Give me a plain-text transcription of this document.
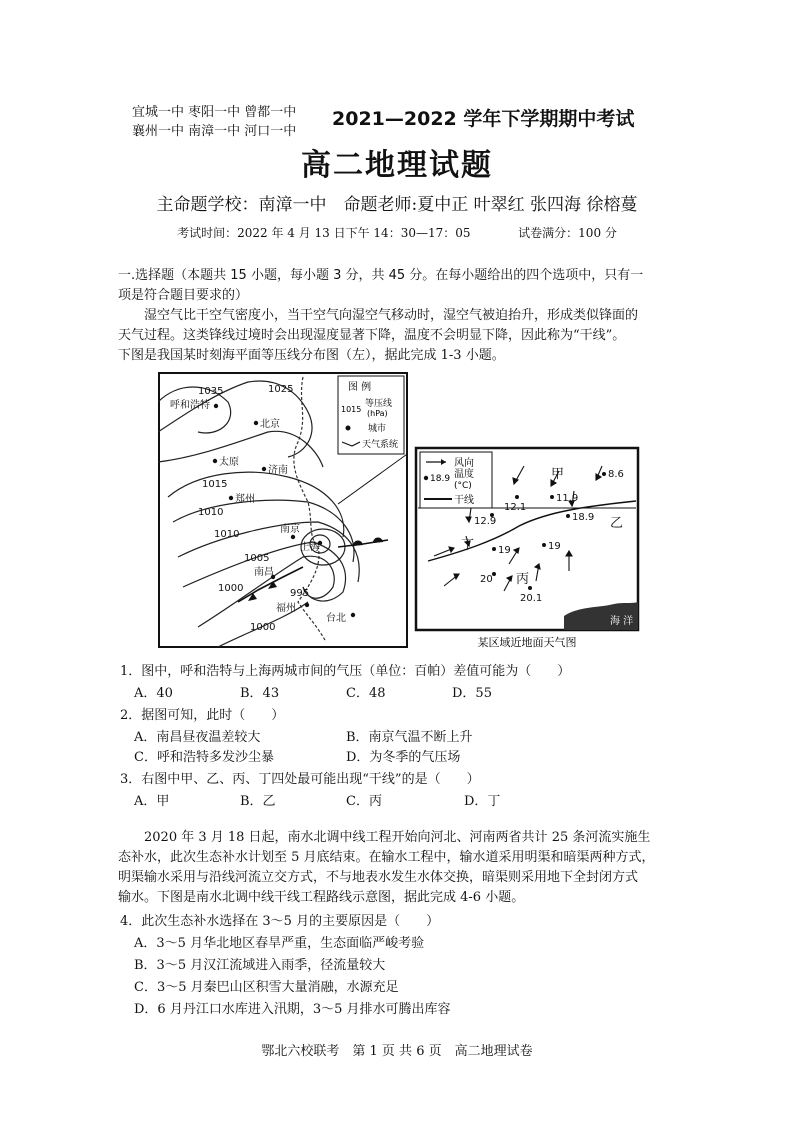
宜城一中 枣阳一中 曾都一中
襄州一中 南漳一中 河口一中
2021—2022 学年下学期期中考试
高二地理试题
主命题学校：南漳一中　命题老师:夏中正 叶翠红 张四海 徐榕蔓
考试时间：2022 年 4 月 13 日下午 14：30—17：05	试卷满分：100 分
一.选择题（本题共 15 小题，每小题 3 分，共 45 分。在每小题给出的四个选项中，只有一
项是符合题目要求的）
湿空气比干空气密度小，当干空气向湿空气移动时，湿空气被迫抬升，形成类似锋面的
天气过程。这类锋线过境时会出现湿度显著下降，温度不会明显下降，因此称为“干线”。
下图是我国某时刻海平面等压线分布图（左），据此完成 1-3 小题。
图 例
1015
等压线
(hPa)
城市
天气系统
1035	1025
1015
1010
1010
1005
1000	995
1000
呼和浩特
北京
太原
济南
郑州
南京
上海
南昌
福州
台北
风向
18.9 温度
(°C)
干线
海 洋
8.6
11.9
12.1
12.9	18.9
19	19
20
20.1
甲
乙
丙
丁
某区域近地面天气图
1．图中，呼和浩特与上海两城市间的气压（单位：百帕）差值可能为（　　）
A．40	B．43	C．48	D．55
2．据图可知，此时（　　）
A．南昌昼夜温差较大	B．南京气温不断上升
C．呼和浩特多发沙尘暴	D．为冬季的气压场
3．右图中甲、乙、丙、丁四处最可能出现“干线”的是（　　）
A．甲	B．乙	C．丙	D．丁
2020 年 3 月 18 日起，南水北调中线工程开始向河北、河南两省共计 25 条河流实施生
态补水，此次生态补水计划至 5 月底结束。在输水工程中，输水道采用明渠和暗渠两种方式，
明渠输水采用与沿线河流立交方式，不与地表水发生水体交换，暗渠则采用地下全封闭方式
输水。下图是南水北调中线干线工程路线示意图，据此完成 4-6 小题。
4．此次生态补水选择在 3～5 月的主要原因是（　　）
A．3～5 月华北地区春旱严重，生态面临严峻考验
B．3～5 月汉江流域进入雨季，径流量较大
C．3～5 月秦巴山区积雪大量消融，水源充足
D．6 月丹江口水库进入汛期，3～5 月排水可腾出库容
鄂北六校联考　第 1 页 共 6 页　高二地理试卷
